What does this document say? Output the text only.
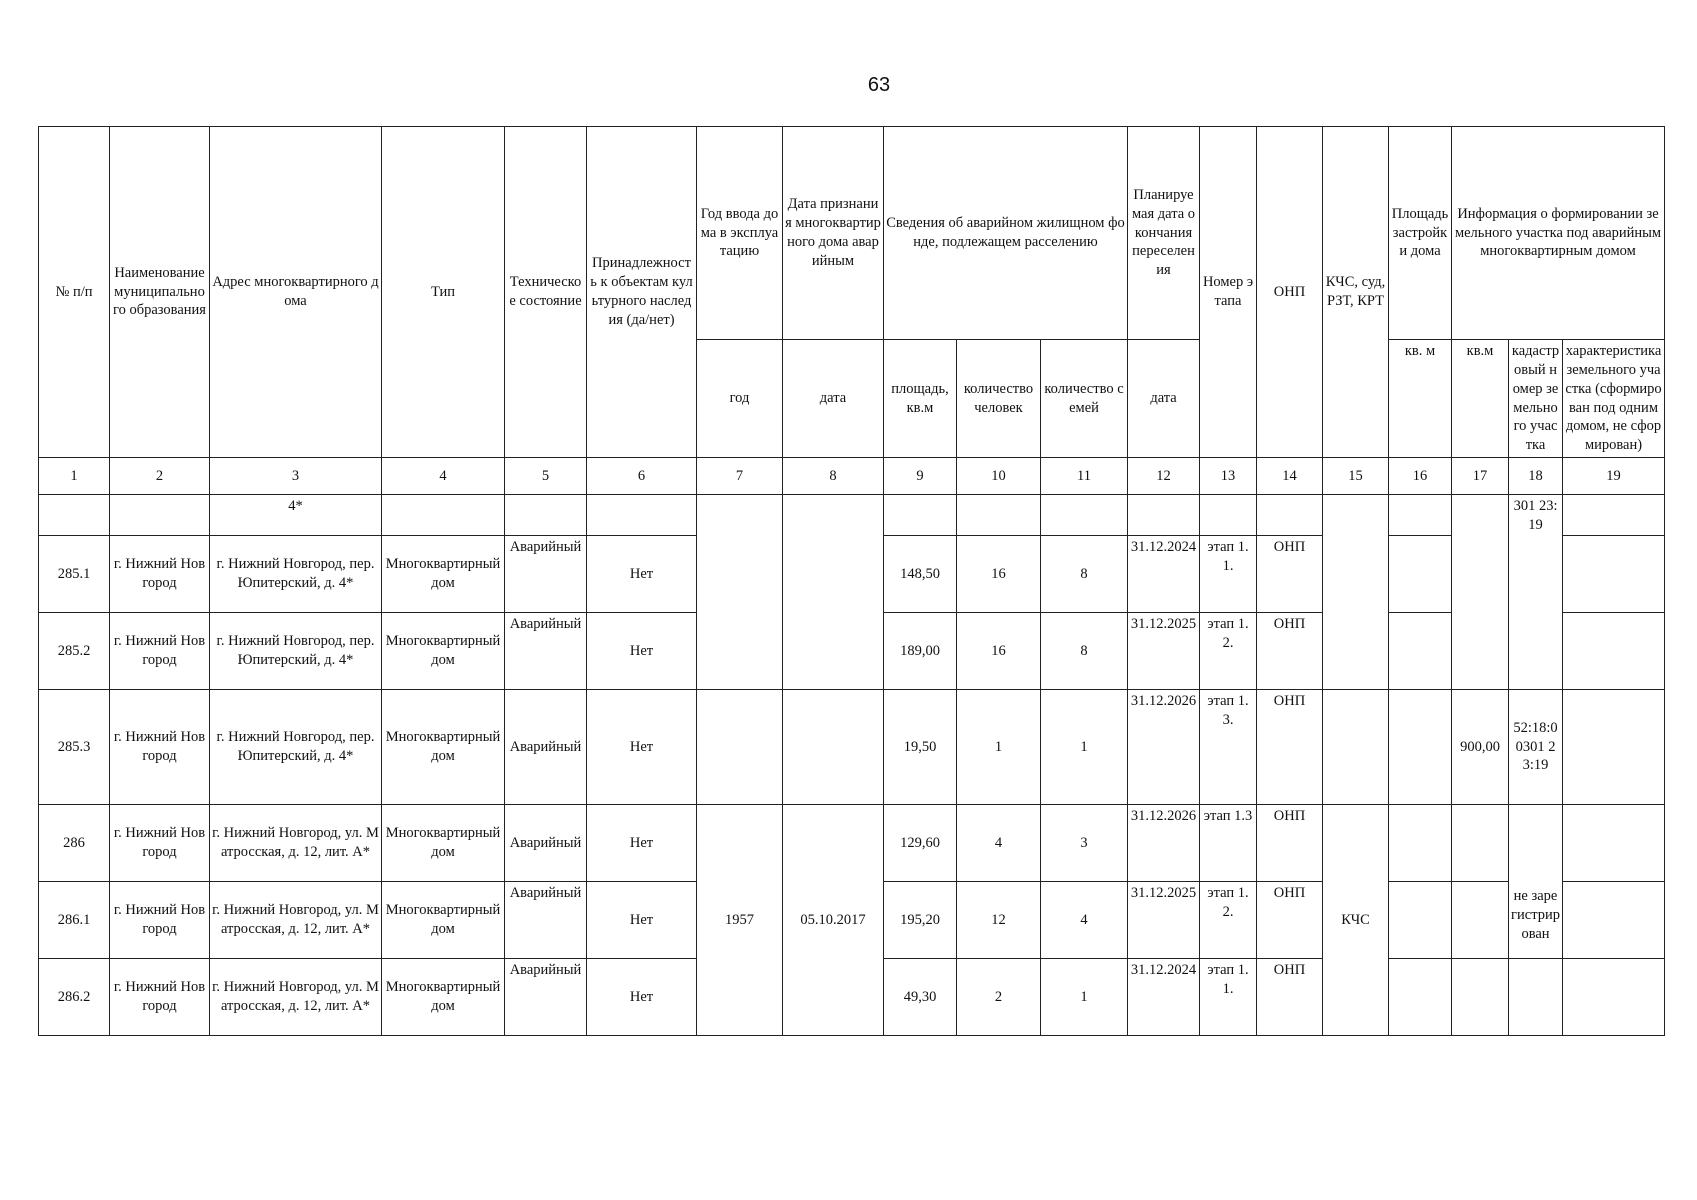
63
№ п/п	Наименование муниципального образования	Адрес многоквартирного дома	Тип	Техническое состояние	Принадлежность к объектам культурного наследия (да/нет)	Год ввода дома в эксплуатацию	Дата признания многоквартирного дома аварийным	Сведения об аварийном жилищном фонде, подлежащем расселению			Планируемая дата окончания переселения	Номер этапа	ОНП	КЧС, суд, РЗТ, КРТ	Площадь застройки дома	Информация о формировании земельного участка под аварийным многоквартирным домом		
						год	дата	площадь, кв.м	количество человек	количество семей	дата				кв. м	кв.м	кадастровый номер земельного участка	характеристика земельного участка (сформирован под одним домом, не сформирован)
1	2	3	4	5	6	7	8	9	10	11	12	13	14	15	16	17	18	19
		4*															301 23:19	
285.1	г. Нижний Новгород	г. Нижний Новгород, пер. Юпитерский, д. 4*	Многоквартирный дом	Аварийный	Нет			148,50	16	8	31.12.2024	этап 1.1.	ОНП					
285.2	г. Нижний Новгород	г. Нижний Новгород, пер. Юпитерский, д. 4*	Многоквартирный дом	Аварийный	Нет			189,00	16	8	31.12.2025	этап 1.2.	ОНП					
285.3	г. Нижний Новгород	г. Нижний Новгород, пер. Юпитерский, д. 4*	Многоквартирный дом	Аварийный	Нет			19,50	1	1	31.12.2026	этап 1.3.	ОНП			900,00	52:18:00301 23:19	
286	г. Нижний Новгород	г. Нижний Новгород, ул. Матросская, д. 12, лит. А*	Многоквартирный дом	Аварийный	Нет	1957	05.10.2017	129,60	4	3	31.12.2026	этап 1.3	ОНП	КЧС			не зарегистрирован	
286.1	г. Нижний Новгород	г. Нижний Новгород, ул. Матросская, д. 12, лит. А*	Многоквартирный дом	Аварийный	Нет			195,20	12	4	31.12.2025	этап 1.2.	ОНП					
286.2	г. Нижний Новгород	г. Нижний Новгород, ул. Матросская, д. 12, лит. А*	Многоквартирный дом	Аварийный	Нет			49,30	2	1	31.12.2024	этап 1.1.	ОНП					
